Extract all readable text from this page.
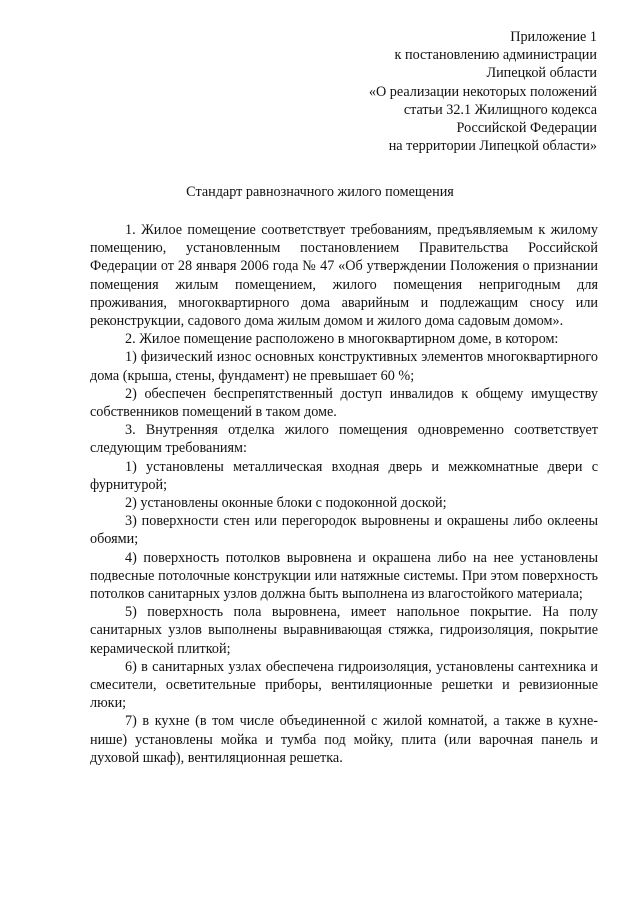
Приложение 1
к постановлению администрации
Липецкой области
«О реализации некоторых положений
статьи 32.1 Жилищного кодекса
Российской Федерации
на территории Липецкой области»
Стандарт равнозначного жилого помещения

1. Жилое помещение соответствует требованиям, предъявляемым к жилому помещению, установленным постановлением Правительства Российской Федерации от 28 января 2006 года № 47 «Об утверждении Положения о признании помещения жилым помещением, жилого помещения непригодным для проживания, многоквартирного дома аварийным и подлежащим сносу или реконструкции, садового дома жилым домом и жилого дома садовым домом».

2. Жилое помещение расположено в многоквартирном доме, в котором:

1) физический износ основных конструктивных элементов многоквартирного дома (крыша, стены, фундамент) не превышает 60 %;

2) обеспечен беспрепятственный доступ инвалидов к общему имуществу собственников помещений в таком доме.

3. Внутренняя отделка жилого помещения одновременно соответствует следующим требованиям:

1) установлены металлическая входная дверь и межкомнатные двери с фурнитурой;

2) установлены оконные блоки с подоконной доской;

3) поверхности стен или перегородок выровнены и окрашены либо оклеены обоями;

4) поверхность потолков выровнена и окрашена либо на нее установлены подвесные потолочные конструкции или натяжные системы. При этом поверхность потолков санитарных узлов должна быть выполнена из влагостойкого материала;

5) поверхность пола выровнена, имеет напольное покрытие. На полу санитарных узлов выполнены выравнивающая стяжка, гидроизоляция, покрытие керамической плиткой;

6) в санитарных узлах обеспечена гидроизоляция, установлены сантехника и смесители, осветительные приборы, вентиляционные решетки и ревизионные люки;

7) в кухне (в том числе объединенной с жилой комнатой, а также в кухне-нише) установлены мойка и тумба под мойку, плита (или варочная панель и духовой шкаф), вентиляционная решетка.
